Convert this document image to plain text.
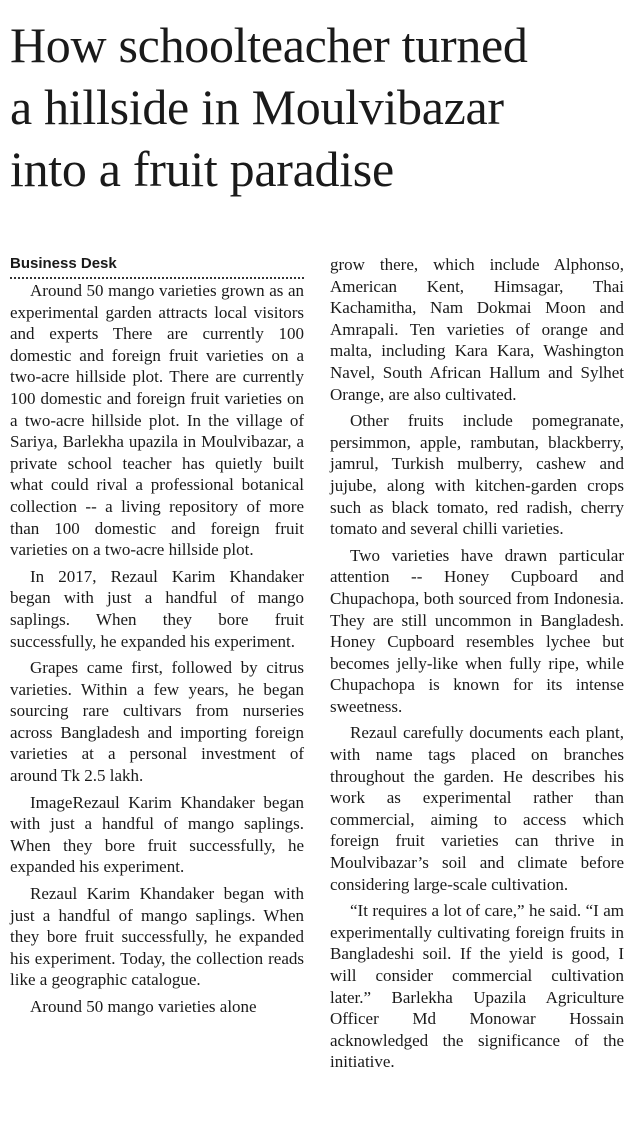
How schoolteacher turned
a hillside in Moulvibazar
into a fruit paradise
Business Desk

Around 50 mango varieties grown as an experimental garden attracts local visitors and experts There are currently 100 domestic and foreign fruit varieties on a two-acre hillside plot. There are currently 100 domestic and foreign fruit varieties on a two-acre hillside plot. In the village of Sariya, Barlekha upazila in Moulvibazar, a private school teacher has quietly built what could rival a professional botanical collection -- a living repository of more than 100 domestic and foreign fruit varieties on a two-acre hillside plot.

In 2017, Rezaul Karim Khandaker began with just a handful of mango saplings. When they bore fruit successfully, he expanded his experiment.

Grapes came first, followed by citrus varieties. Within a few years, he began sourcing rare cultivars from nurseries across Bangladesh and importing foreign varieties at a personal investment of around Tk 2.5 lakh.

ImageRezaul Karim Khandaker began with just a handful of mango saplings. When they bore fruit successfully, he expanded his experiment.

Rezaul Karim Khandaker began with just a handful of mango saplings. When they bore fruit successfully, he expanded his experiment. Today, the collection reads like a geographic catalogue.

Around 50 mango varieties alone

grow there, which include Alphonso, American Kent, Himsagar, Thai Kachamitha, Nam Dokmai Moon and Amrapali. Ten varieties of orange and malta, including Kara Kara, Washington Navel, South African Hallum and Sylhet Orange, are also cultivated.

Other fruits include pomegranate, persimmon, apple, rambutan, blackberry, jamrul, Turkish mulberry, cashew and jujube, along with kitchen-garden crops such as black tomato, red radish, cherry tomato and several chilli varieties.

Two varieties have drawn particular attention -- Honey Cupboard and Chupachopa, both sourced from Indonesia. They are still uncommon in Bangladesh. Honey Cupboard resembles lychee but becomes jelly-like when fully ripe, while Chupachopa is known for its intense sweetness.

Rezaul carefully documents each plant, with name tags placed on branches throughout the garden. He describes his work as experimental rather than commercial, aiming to access which foreign fruit varieties can thrive in Moulvibazar’s soil and climate before considering large-scale cultivation.

“It requires a lot of care,” he said. “I am experimentally cultivating foreign fruits in Bangladeshi soil. If the yield is good, I will consider commercial cultivation later.” Barlekha Upazila Agriculture Officer Md Monowar Hossain acknowledged the significance of the initiative.
